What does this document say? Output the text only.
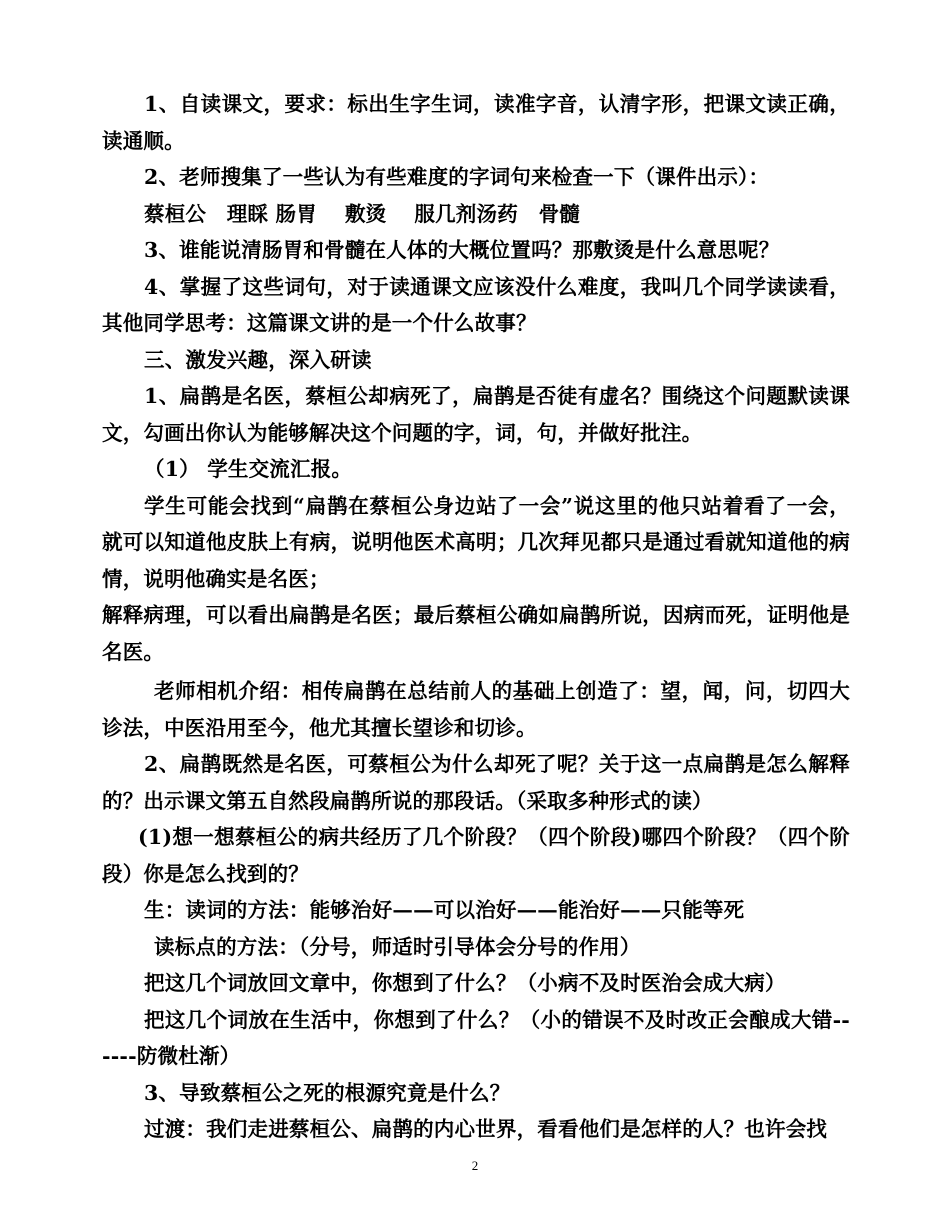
1、自读课文，要求：标出生字生词，读准字音，认清字形，把课文读正确，读通顺。

2、老师搜集了一些认为有些难度的字词句来检查一下（课件出示）：

蔡桓公　理睬 肠胃　 敷烫　 服几剂汤药　骨髓

3、谁能说清肠胃和骨髓在人体的大概位置吗？那敷烫是什么意思呢？

4、掌握了这些词句，对于读通课文应该没什么难度，我叫几个同学读读看，其他同学思考：这篇课文讲的是一个什么故事？

三、激发兴趣，深入研读

1、扁鹊是名医，蔡桓公却病死了，扁鹊是否徒有虚名？围绕这个问题默读课文，勾画出你认为能够解决这个问题的字，词，句，并做好批注。

（1） 学生交流汇报。

学生可能会找到“扁鹊在蔡桓公身边站了一会”说这里的他只站着看了一会，就可以知道他皮肤上有病，说明他医术高明；几次拜见都只是通过看就知道他的病情，说明他确实是名医；

解释病理，可以看出扁鹊是名医；最后蔡桓公确如扁鹊所说，因病而死，证明他是名医。

老师相机介绍：相传扁鹊在总结前人的基础上创造了：望，闻，问，切四大诊法，中医沿用至今，他尤其擅长望诊和切诊。

2、扁鹊既然是名医，可蔡桓公为什么却死了呢？关于这一点扁鹊是怎么解释的？出示课文第五自然段扁鹊所说的那段话。（采取多种形式的读）

(1)想一想蔡桓公的病共经历了几个阶段？（四个阶段)哪四个阶段？（四个阶段）你是怎么找到的？

生：读词的方法：能够治好——可以治好——能治好——只能等死

读标点的方法：（分号，师适时引导体会分号的作用）

把这几个词放回文章中，你想到了什么？（小病不及时医治会成大病）

把这几个词放在生活中，你想到了什么？（小的错误不及时改正会酿成大错------防微杜渐）

3、导致蔡桓公之死的根源究竟是什么？

过渡：我们走进蔡桓公、扁鹊的内心世界，看看他们是怎样的人？也许会找

2
